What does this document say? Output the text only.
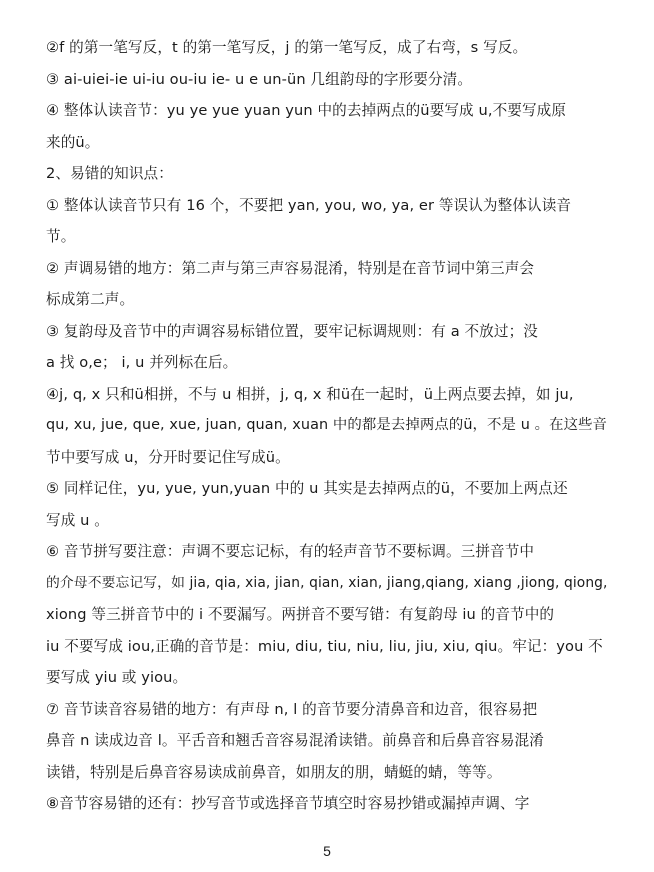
②f 的第一笔写反，t 的第一笔写反，j 的第一笔写反，成了右弯，s 写反。
③ ai-uiei-ie ui-iu ou-iu ie- u e un-ün 几组韵母的字形要分清。
④ 整体认读音节：yu ye yue yuan yun 中的去掉两点的ü要写成 u,不要写成原
来的ü。
2、易错的知识点：
① 整体认读音节只有 16 个，不要把 yan, you, wo, ya, er 等误认为整体认读音
节。
② 声调易错的地方：第二声与第三声容易混淆，特别是在音节词中第三声会
标成第二声。
③ 复韵母及音节中的声调容易标错位置，要牢记标调规则：有 a 不放过；没
a 找 o,e； i, u 并列标在后。
④j, q, x 只和ü相拼，不与 u 相拼，j, q, x 和ü在一起时，ü上两点要去掉，如 ju,
qu, xu, jue, que, xue, juan, quan, xuan 中的都是去掉两点的ü，不是 u 。在这些音
节中要写成 u，分开时要记住写成ü。
⑤ 同样记住，yu, yue, yun,yuan 中的 u 其实是去掉两点的ü，不要加上两点还
写成 u 。
⑥ 音节拼写要注意：声调不要忘记标，有的轻声音节不要标调。三拼音节中
的介母不要忘记写，如 jia, qia, xia, jian, qian, xian, jiang,qiang, xiang ,jiong, qiong,
xiong 等三拼音节中的 i 不要漏写。两拼音不要写错：有复韵母 iu 的音节中的
iu 不要写成 iou,正确的音节是：miu, diu, tiu, niu, liu, jiu, xiu, qiu。牢记：you 不
要写成 yiu 或 yiou。
⑦ 音节读音容易错的地方：有声母 n, l 的音节要分清鼻音和边音，很容易把
鼻音 n 读成边音 l。平舌音和翘舌音容易混淆读错。前鼻音和后鼻音容易混淆
读错，特别是后鼻音容易读成前鼻音，如朋友的朋，蜻蜓的蜻，等等。
⑧音节容易错的还有：抄写音节或选择音节填空时容易抄错或漏掉声调、字
5
